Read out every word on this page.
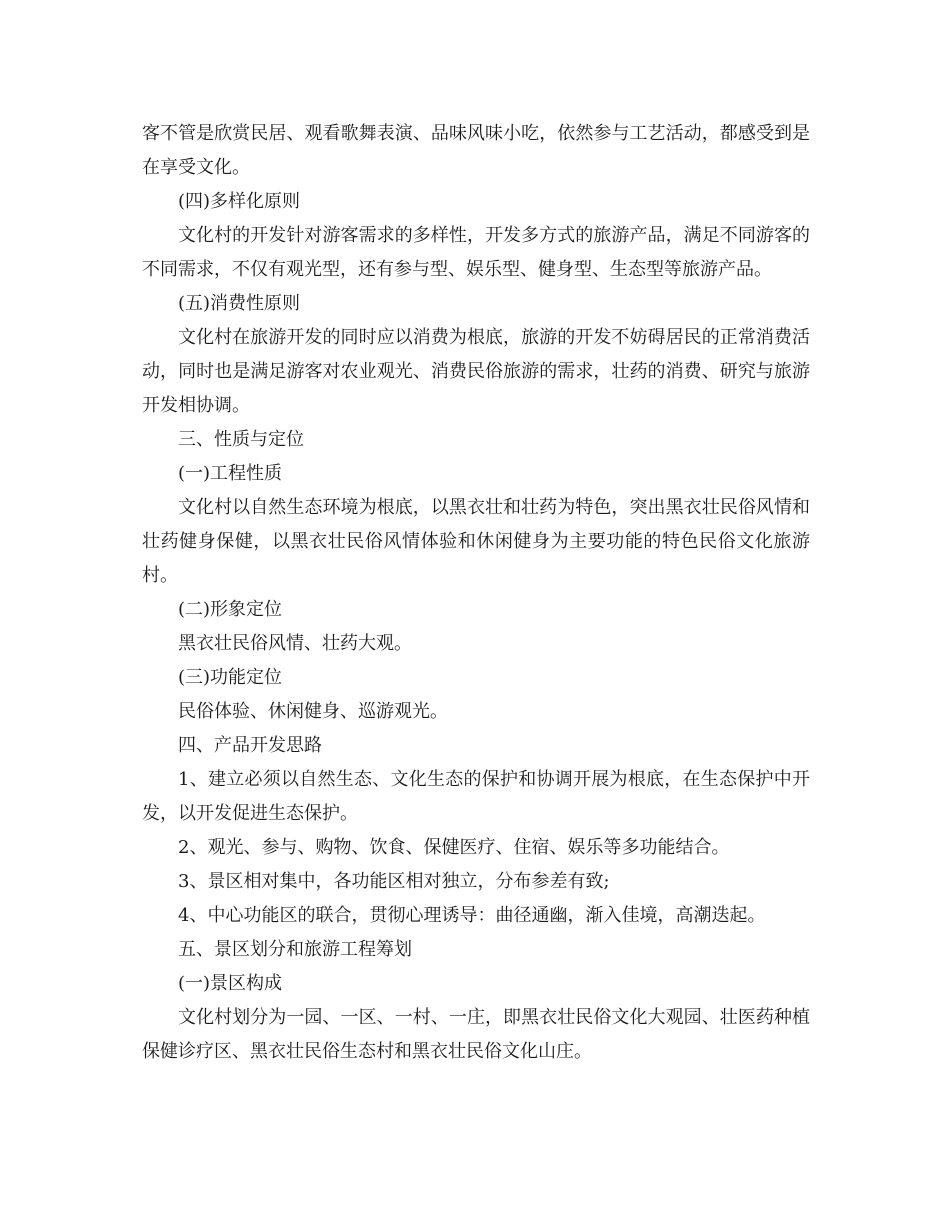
客不管是欣赏民居、观看歌舞表演、品味风味小吃，依然参与工艺活动，都感受到是在享受文化。

(四)多样化原则

文化村的开发针对游客需求的多样性，开发多方式的旅游产品，满足不同游客的不同需求，不仅有观光型，还有参与型、娱乐型、健身型、生态型等旅游产品。

(五)消费性原则

文化村在旅游开发的同时应以消费为根底，旅游的开发不妨碍居民的正常消费活动，同时也是满足游客对农业观光、消费民俗旅游的需求，壮药的消费、研究与旅游开发相协调。

三、性质与定位

(一)工程性质

文化村以自然生态环境为根底，以黑衣壮和壮药为特色，突出黑衣壮民俗风情和壮药健身保健，以黑衣壮民俗风情体验和休闲健身为主要功能的特色民俗文化旅游村。

(二)形象定位

黑衣壮民俗风情、壮药大观。

(三)功能定位

民俗体验、休闲健身、巡游观光。

四、产品开发思路

1、建立必须以自然生态、文化生态的保护和协调开展为根底，在生态保护中开发，以开发促进生态保护。

2、观光、参与、购物、饮食、保健医疗、住宿、娱乐等多功能结合。

3、景区相对集中，各功能区相对独立，分布参差有致;

4、中心功能区的联合，贯彻心理诱导：曲径通幽，渐入佳境，高潮迭起。

五、景区划分和旅游工程筹划

(一)景区构成

文化村划分为一园、一区、一村、一庄，即黑衣壮民俗文化大观园、壮医药种植保健诊疗区、黑衣壮民俗生态村和黑衣壮民俗文化山庄。
